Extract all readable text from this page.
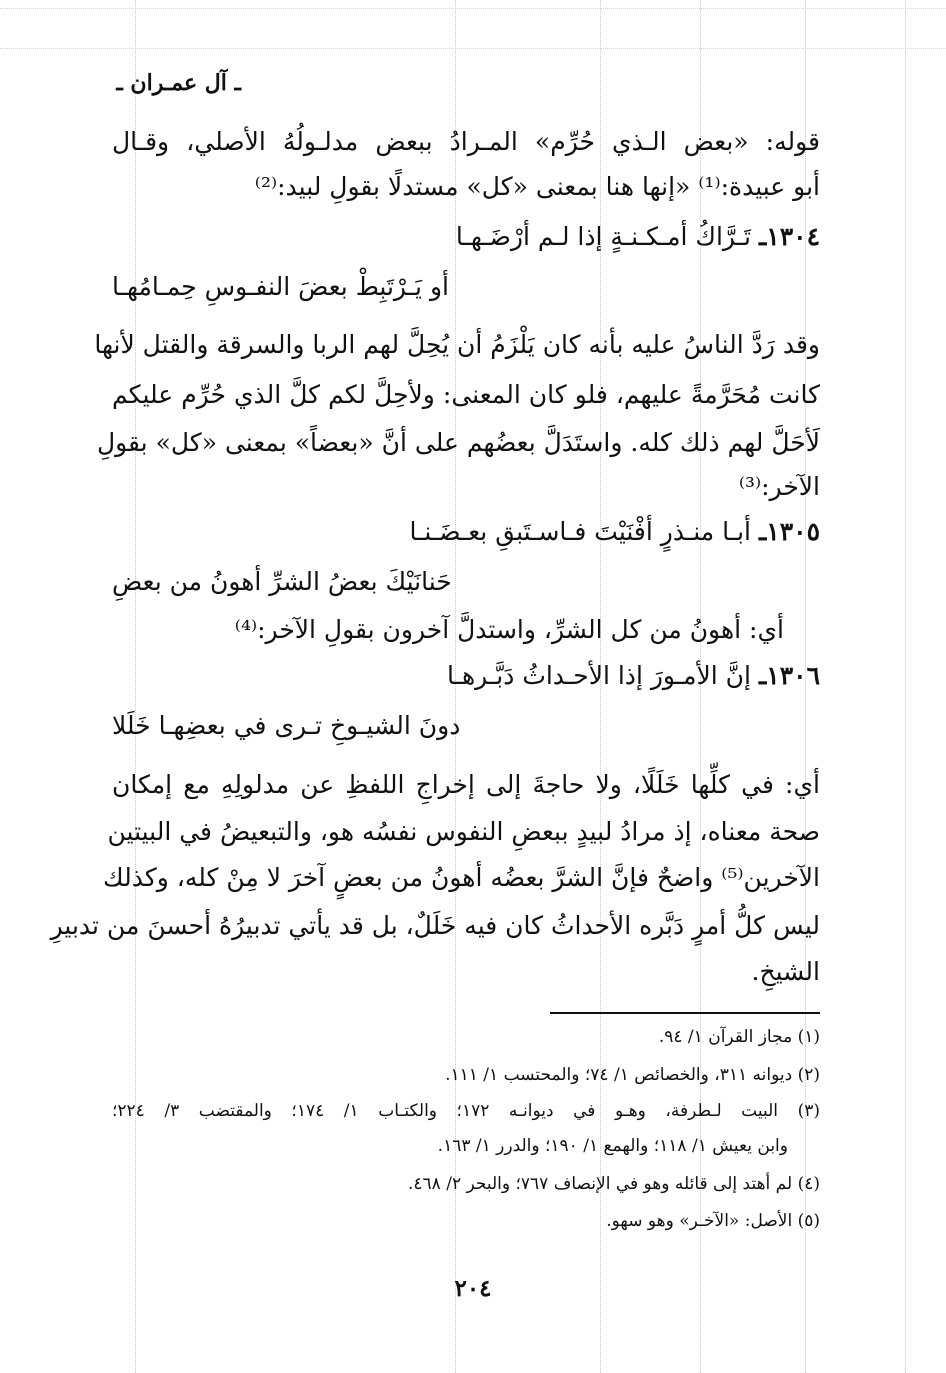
ـ آل عمـران ـ
قوله: «بعض الـذي حُرِّم» المـرادُ ببعض مدلـولُهُ الأصلي، وقـال
أبو عبيدة:⁽¹⁾ «إنها هنا بمعنى «كل» مستدلًا بقولِ لبيد:⁽²⁾
١٣٠٤ـ تَـرَّاكُ أمـكـنـةٍ إذا لـم أرْضَـهـا
أو يَـرْتَبِطْ بعضَ النفـوسِ حِمـامُهـا
وقد رَدَّ الناسُ عليه بأنه كان يَلْزَمُ أن يُحِلَّ لهم الربا والسرقة والقتل لأنها
كانت مُحَرَّمةً عليهم، فلو كان المعنى: ولأحِلَّ لكم كلَّ الذي حُرِّم عليكم
لَأحَلَّ لهم ذلك كله. واستَدَلَّ بعضُهم على أنَّ «بعضاً» بمعنى «كل» بقولِ
الآخر:⁽³⁾
١٣٠٥ـ أبـا منـذرٍ أفْنَيْتَ فـاسـتَبقِ بعـضَـنـا
حَنانَيْكَ بعضُ الشرِّ أهونُ من بعضِ
أي: أهونُ من كل الشرِّ، واستدلَّ آخرون بقولِ الآخر:⁽⁴⁾
١٣٠٦ـ إنَّ الأمـورَ إذا الأحـداثُ دَبَّـرهـا
دونَ الشيـوخِ تـرى في بعضِهـا خَلَلا
أي: في كلِّها خَلَلًا، ولا حاجةَ إلى إخراجِ اللفظِ عن مدلولِهِ مع إمكان
صحة معناه، إذ مرادُ لبيدٍ ببعضِ النفوس نفسُه هو، والتبعيضُ في البيتين
الآخرين⁽⁵⁾ واضحٌ فإنَّ الشرَّ بعضُه أهونُ من بعضٍ آخرَ لا مِنْ كله، وكذلك
ليس كلُّ أمرٍ دَبَّره الأحداثُ كان فيه خَلَلٌ، بل قد يأتي تدبيرُهُ أحسنَ من تدبيرِ
الشيخِ.
(١) مجاز القرآن ١/ ٩٤.
(٢) ديوانه ٣١١، والخصائص ١/ ٧٤؛ والمحتسب ١/ ١١١.
(٣) البيت لـطرفة، وهـو في ديوانـه ١٧٢؛ والكتـاب ١/ ١٧٤؛ والمقتضب ٣/ ٢٢٤؛
وابن يعيش ١/ ١١٨؛ والهمع ١/ ١٩٠؛ والدرر ١/ ١٦٣.
(٤) لم أهتد إلى قائله وهو في الإنصاف ٧٦٧؛ والبحر ٢/ ٤٦٨.
(٥) الأصل: «الآخـر» وهو سهو.
٢٠٤
